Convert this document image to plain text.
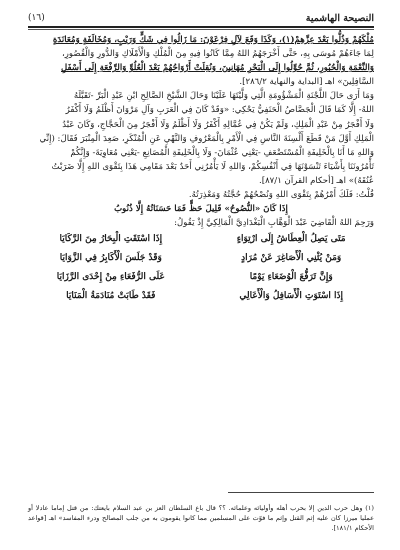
النصيحة الهاشمية
(١٦)

مُلْكَهُمْ وَذُلُّوا بَعْدَ عِزِّهِمْ(١)، وَكَذَا وَقَعَ لِآلِ فِرْعَوْنَ: مَا زَالُوا فِي شَكٍّ وَرَيْبٍ، وَمُخَالَفَةٍ وَمُعَانَدَةٍ

لِمَا جَاءَهُمْ مُوسَى بِهِ، حَتَّى أَخْرَجَهُمُ اللهُ مِمَّا كَانُوا فِيهِ مِنَ الْمُلْكِ وَالْأَمْلَاكِ وَالدُّورِ وَالْقُصُورِ،

وَالنِّعْمَةِ وَالْحُبُورِ، ثُمَّ حُوِّلُوا إِلَى الْبَحْرِ مُهَانِينَ، وَنُقِلَتْ أَرْوَاحُهُمْ بَعْدَ الْعُلُوِّ وَالرِّفْعَةِ إِلَى أَسْفَلِ

السَّافِلِينَ» اهـ [البداية والنهاية ٢٨٦/٢].

وَمَا أَرَى حَالَ اللَّجْنَةِ الْمَشْؤُومَةِ الَّتِي وَلَّيْتَهَا عَلَيْنَا وَحَالَ الشَّيْخِ الصَّالِحِ ابْنِ عَبْدِ الْبَرِّ -تَقَبَّلَهُ

اللهُ- إِلَّا كَمَا قَالَ الْجَصَّاصُ الْحَنَفِيُّ يَحْكِي: «وَقَدْ كَانَ فِي الْعَرَبِ وَآلِ مَرْوَانَ أَظْلَمُ وَلَا أَكْفَرُ

وَلَا أَفْجَرُ مِنْ عَبْدِ الْمَلِكِ، وَلَمْ يَكُنْ فِي عُمَّالِهِ أَكْفَرُ وَلَا أَظْلَمُ وَلَا أَفْجَرُ مِنَ الْحَجَّاجِ، وَكَانَ عَبْدُ

الْمَلِكِ أَوَّلَ مَنْ قَطَعَ أَلْسِنَةَ النَّاسِ فِي الْأَمْرِ بِالْمَعْرُوفِ وَالنَّهْيِ عَنِ الْمُنْكَرِ، صَعِدَ الْمِنْبَرَ فَقَالَ: (إِنِّي

وَاللهِ مَا أَنَا بِالْخَلِيفَةِ الْمُسْتَضْعَفِ -يَعْنِي عُثْمَانَ- وَلَا بِالْخَلِيفَةِ الْمُصَانِعِ -يَعْنِي مُعَاوِيَةَ- وَإِنَّكُمْ

تَأْمُرُونَنَا بِأَشْيَاءَ تَنْسَوْنَهَا فِي أَنْفُسِكُمْ، وَاللهِ لَا يَأْمُرُنِي أَحَدٌ بَعْدَ مَقَامِي هَذَا بِتَقْوَى اللهِ إِلَّا ضَرَبْتُ

عُنُقَهُ)» اهـ [أحكام القرآن ٨٧/١].

قُلْتُ: فَلَكَ أَمْرُهُمْ بِتَقْوَى اللهِ وَنُصْحُهُمْ حُجَّتُهُ وَمَعْذِرَتُهُ.

إِذَا كَانَ «النُّصُوحُ» قَلِيلَ حَظٍّ فَمَا حَسَنَاتُهُ إِلَّا ذُنُوبُ

وَرَحِمَ اللهُ الْقَاضِيَ عَبْدَ الْوَهَّابِ الْبَغْدَادِيَّ الْمَالِكِيَّ إِذْ يَقُولُ:

مَتَى يَصِلُ الْعِطَاشُ إِلَى ارْتِوَاءٍ
إِذَا اسْتَقَتِ الْبِحَارُ مِنَ الرَّكَايَا
وَمَنْ يُثْنِي الْأَصَاغِرَ عَنْ مُرَادٍ
وَقَدْ جَلَسَ الْأَكَابِرُ فِي الزَّوَايَا
وَإِنَّ تَرَفُّعَ الْوُضَعَاءِ يَوْمًا
عَلَى الرُّفَعَاءِ مِنْ إِحْدَى الرَّزَايَا
إِذَا اسْتَوَتِ الْأَسَافِلُ وَالْأَعَالِي
فَقَدْ طَابَتْ مُنَادَمَةُ الْمَنَايَا

(١) وهل حرب الدين إلا بحرب أهله وأوليائه وعلمائه. ؟؟ قال باع السلطان العز بن عبد السلام بايعتك: من قتل إماما عادلا أو عمليا ميرزا كان عليه إثم القتل وإثم ما فوّت على المسلمين مما كانوا يقومون به من جلب المصالح ودرء المفاسد» اهـ [قواعد الأحكام ١٨١/١].
